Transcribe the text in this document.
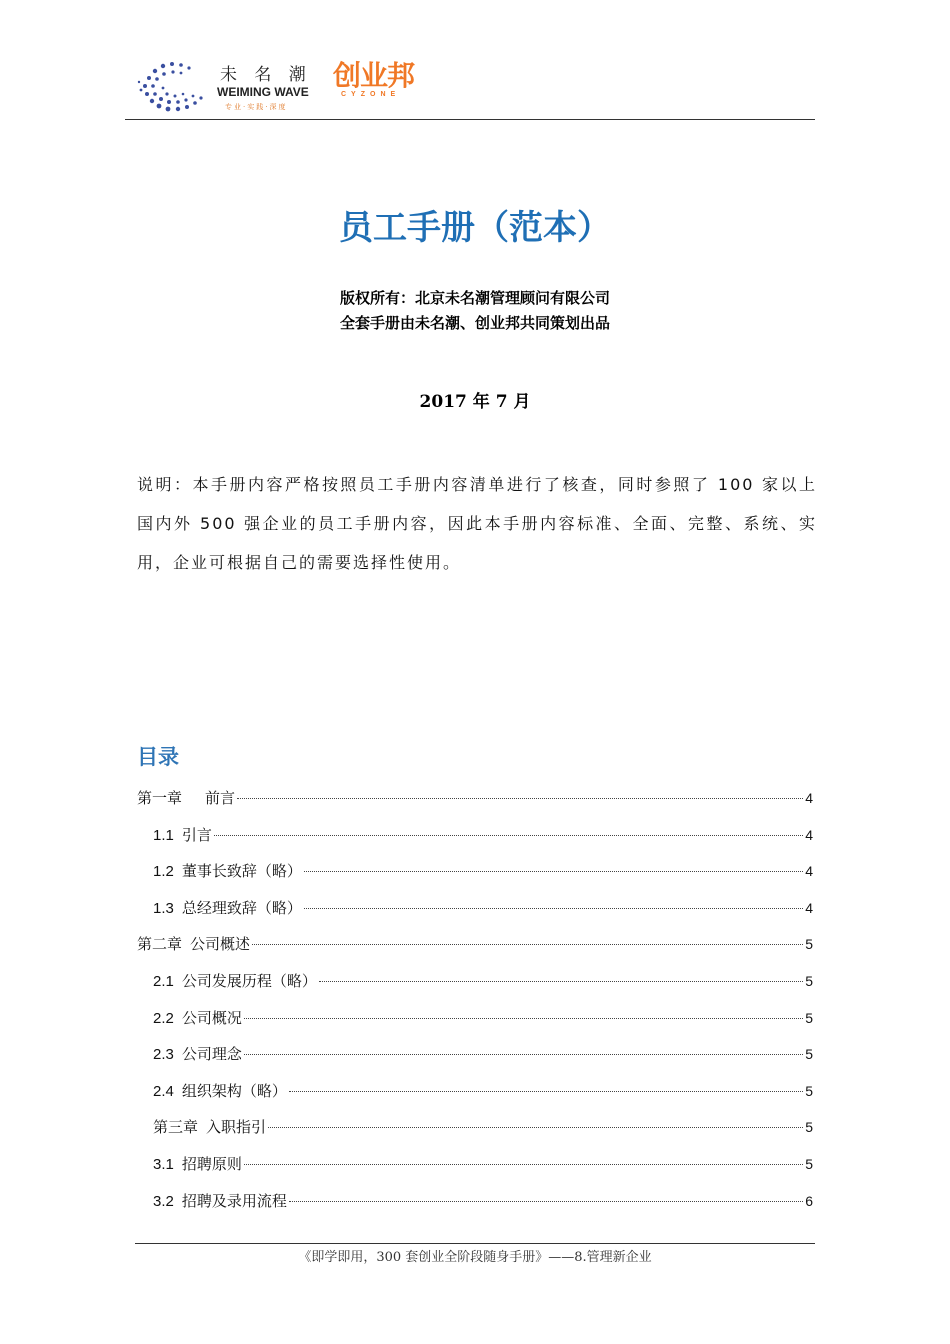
未 名 潮
WEIMING WAVE
专业·实践·深度
创业邦
CYZONE
员工手册（范本）
版权所有：北京未名潮管理顾问有限公司
全套手册由未名潮、创业邦共同策划出品
2017 年 7 月
说明：本手册内容严格按照员工手册内容清单进行了核查，同时参照了 100 家以上国内外 500 强企业的员工手册内容，因此本手册内容标准、全面、完整、系统、实用，企业可根据自己的需要选择性使用。
目录
第一章 　前言	4
1.1 引言	4
1.2 董事长致辞（略）	4
1.3 总经理致辞（略）	4
第二章 公司概述	5
2.1 公司发展历程（略）	5
2.2 公司概况	5
2.3 公司理念	5
2.4 组织架构（略）	5
第三章 入职指引	5
3.1 招聘原则	5
3.2 招聘及录用流程	6
《即学即用，300 套创业全阶段随身手册》——8.管理新企业
